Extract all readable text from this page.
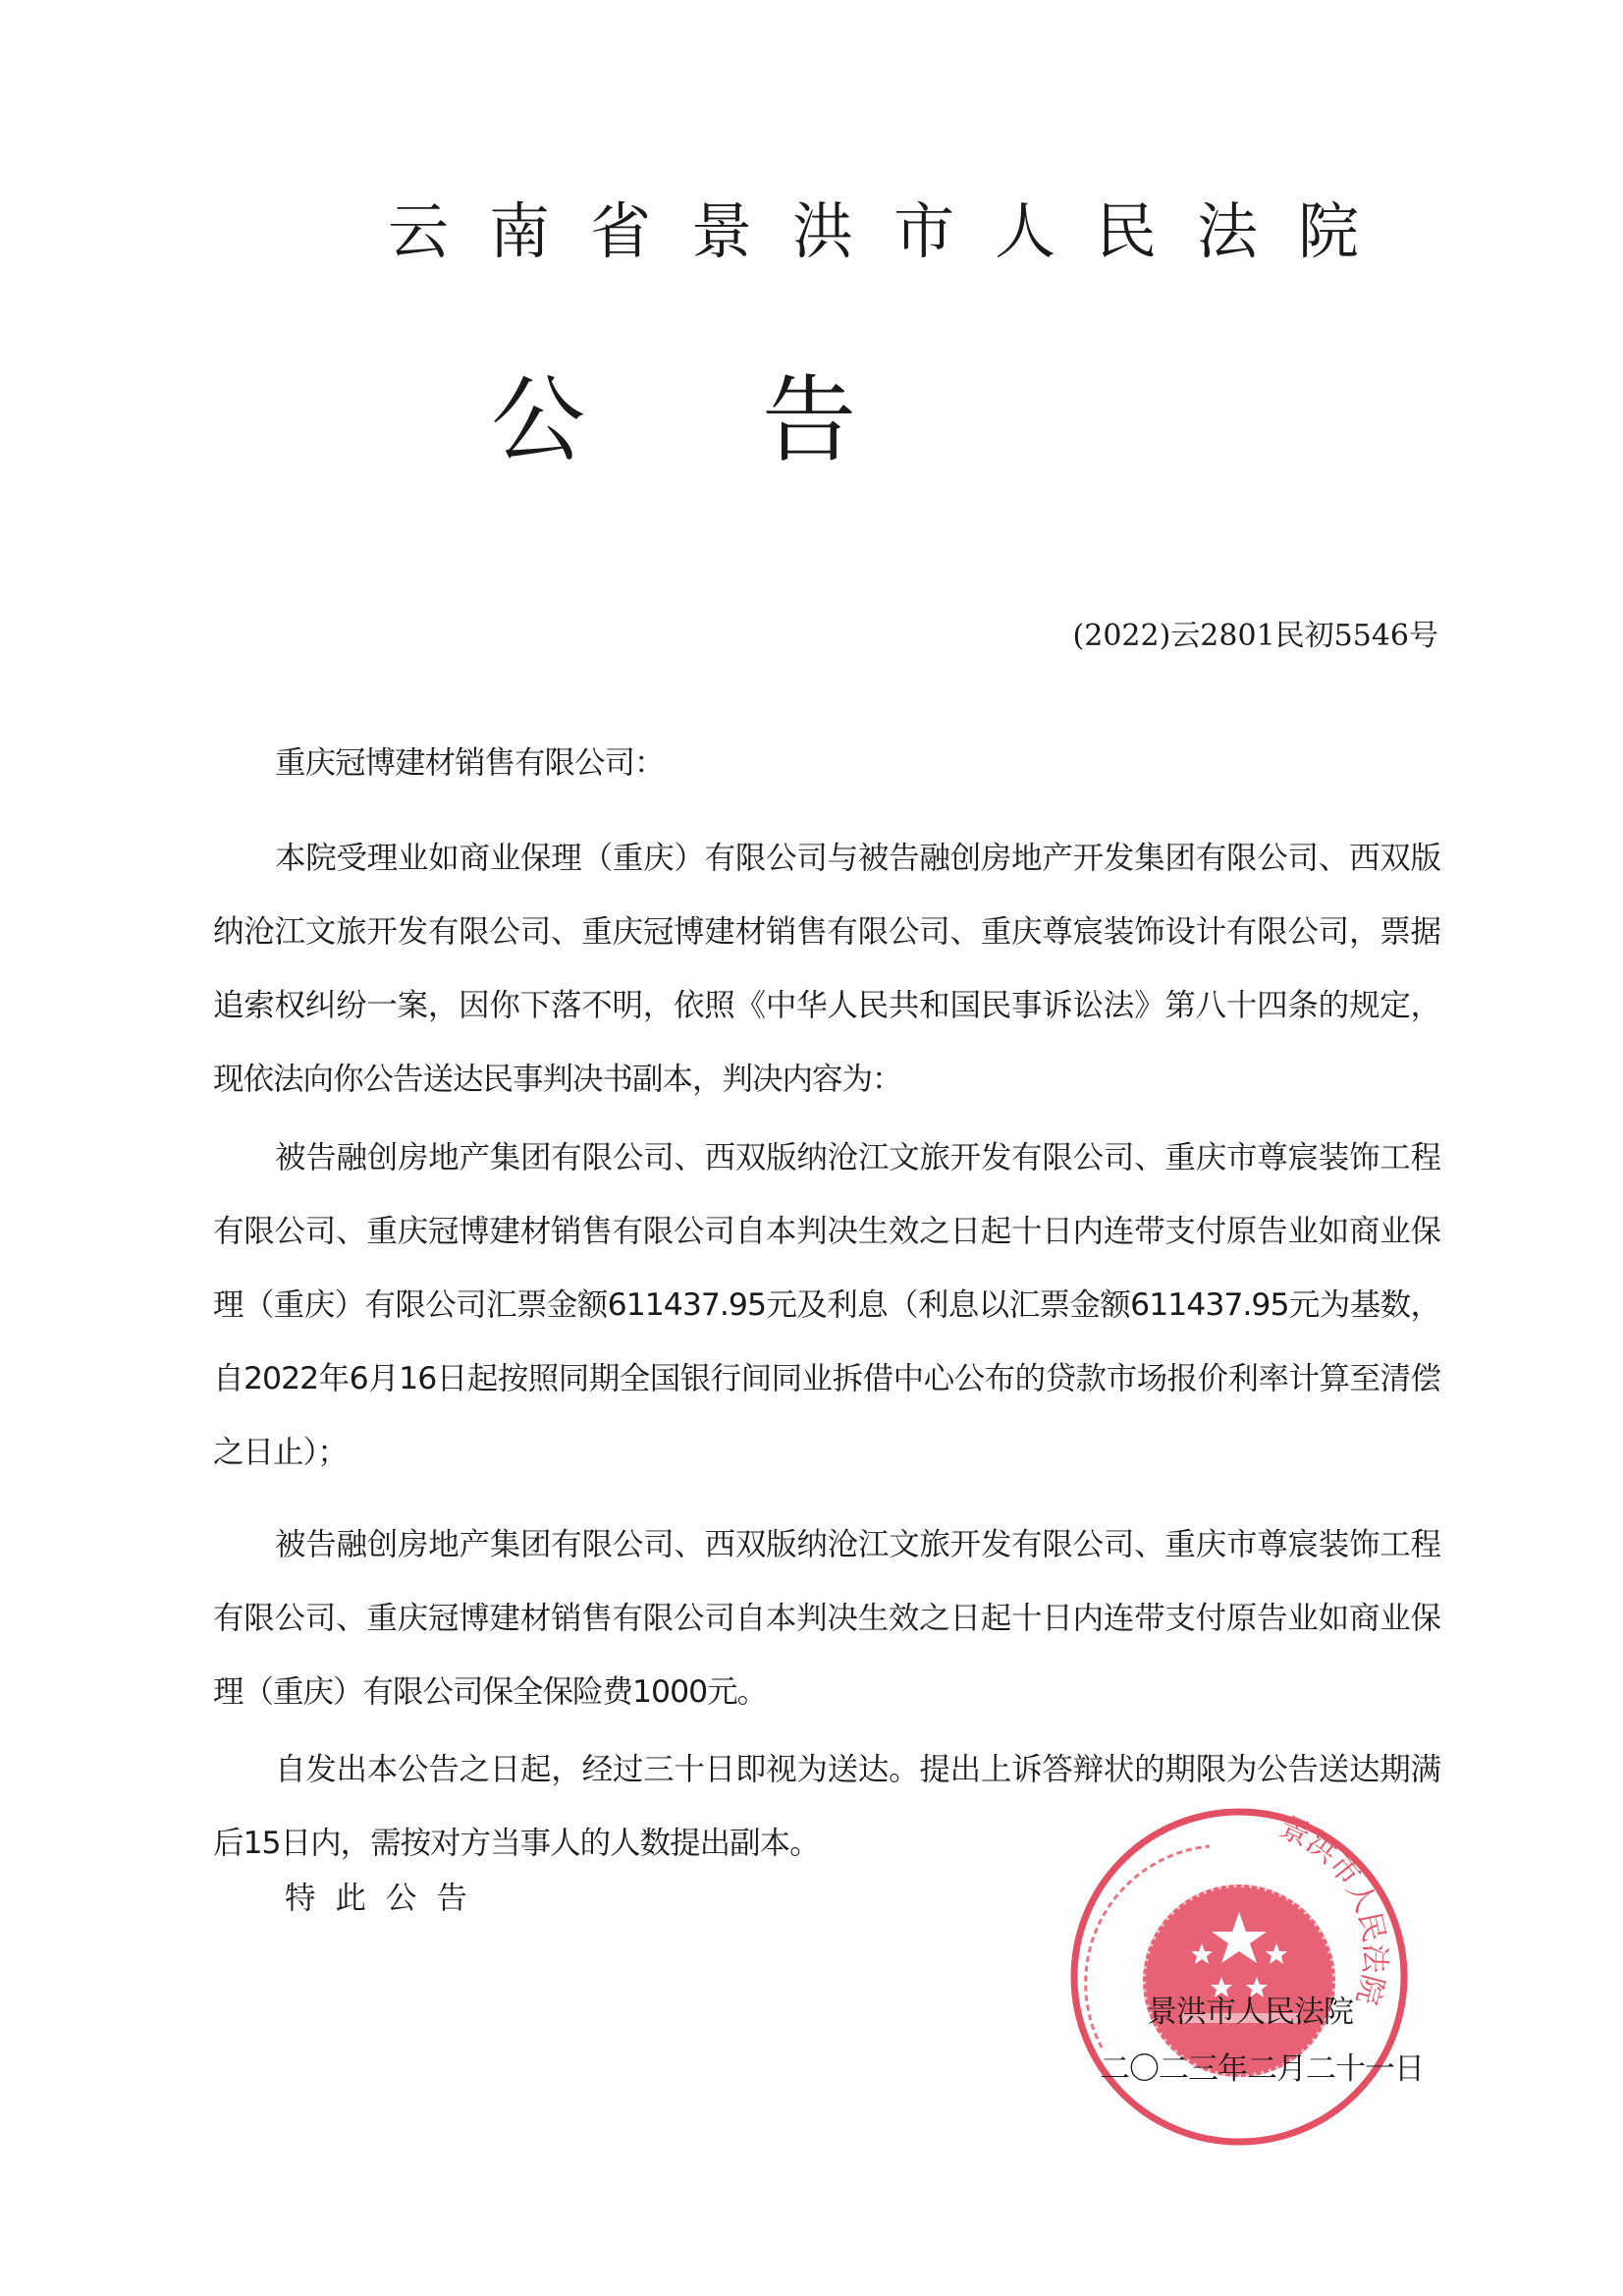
云南省景洪市人民法院
公 告
(2022)云2801民初5546号
重庆冠博建材销售有限公司：

本院受理业如商业保理（重庆）有限公司与被告融创房地产开发集团有限公司、西双版纳沧江文旅开发有限公司、重庆冠博建材销售有限公司、重庆尊宸装饰设计有限公司，票据追索权纠纷一案，因你下落不明，依照《中华人民共和国民事诉讼法》第八十四条的规定，现依法向你公告送达民事判决书副本，判决内容为：

被告融创房地产集团有限公司、西双版纳沧江文旅开发有限公司、重庆市尊宸装饰工程有限公司、重庆冠博建材销售有限公司自本判决生效之日起十日内连带支付原告业如商业保理（重庆）有限公司汇票金额611437.95元及利息（利息以汇票金额611437.95元为基数，自2022年6月16日起按照同期全国银行间同业拆借中心公布的贷款市场报价利率计算至清偿之日止）；

被告融创房地产集团有限公司、西双版纳沧江文旅开发有限公司、重庆市尊宸装饰工程有限公司、重庆冠博建材销售有限公司自本判决生效之日起十日内连带支付原告业如商业保理（重庆）有限公司保全保险费1000元。

自发出本公告之日起，经过三十日即视为送达。提出上诉答辩状的期限为公告送达期满后15日内，需按对方当事人的人数提出副本。

特此公告
景洪市人民法院
景洪市人民法院
二〇二三年二月二十一日
